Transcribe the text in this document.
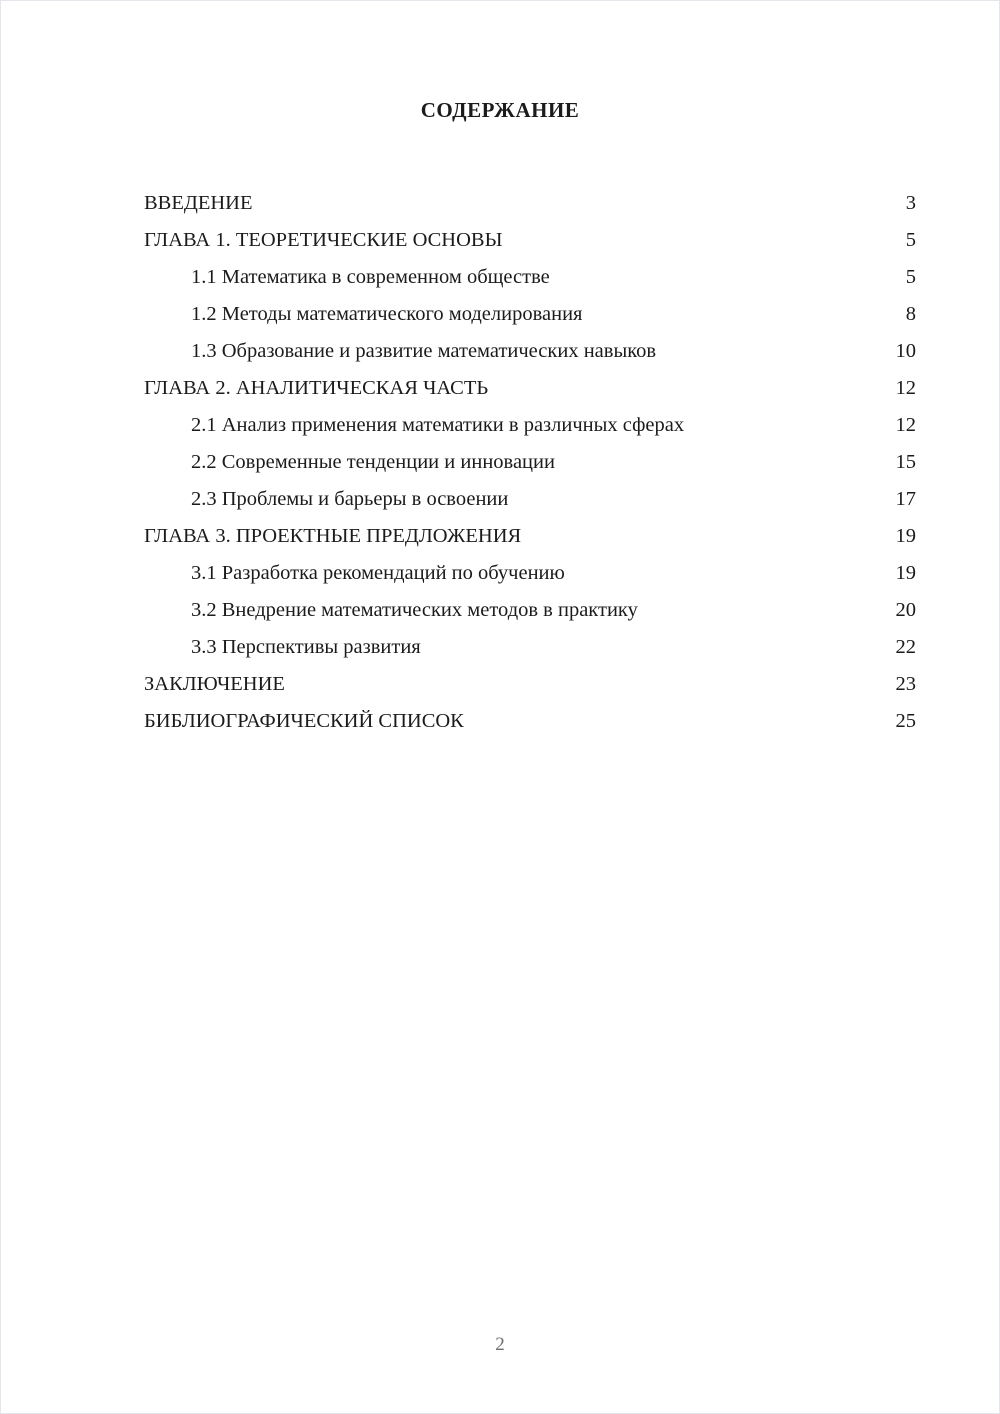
СОДЕРЖАНИЕ
ВВЕДЕНИЕ	3
ГЛАВА 1. ТЕОРЕТИЧЕСКИЕ ОСНОВЫ	5
1.1 Математика в современном обществе	5
1.2 Методы математического моделирования	8
1.3 Образование и развитие математических навыков	10
ГЛАВА 2. АНАЛИТИЧЕСКАЯ ЧАСТЬ	12
2.1 Анализ применения математики в различных сферах	12
2.2 Современные тенденции и инновации	15
2.3 Проблемы и барьеры в освоении	17
ГЛАВА 3. ПРОЕКТНЫЕ ПРЕДЛОЖЕНИЯ	19
3.1 Разработка рекомендаций по обучению	19
3.2 Внедрение математических методов в практику	20
3.3 Перспективы развития	22
ЗАКЛЮЧЕНИЕ	23
БИБЛИОГРАФИЧЕСКИЙ СПИСОК	25
2
